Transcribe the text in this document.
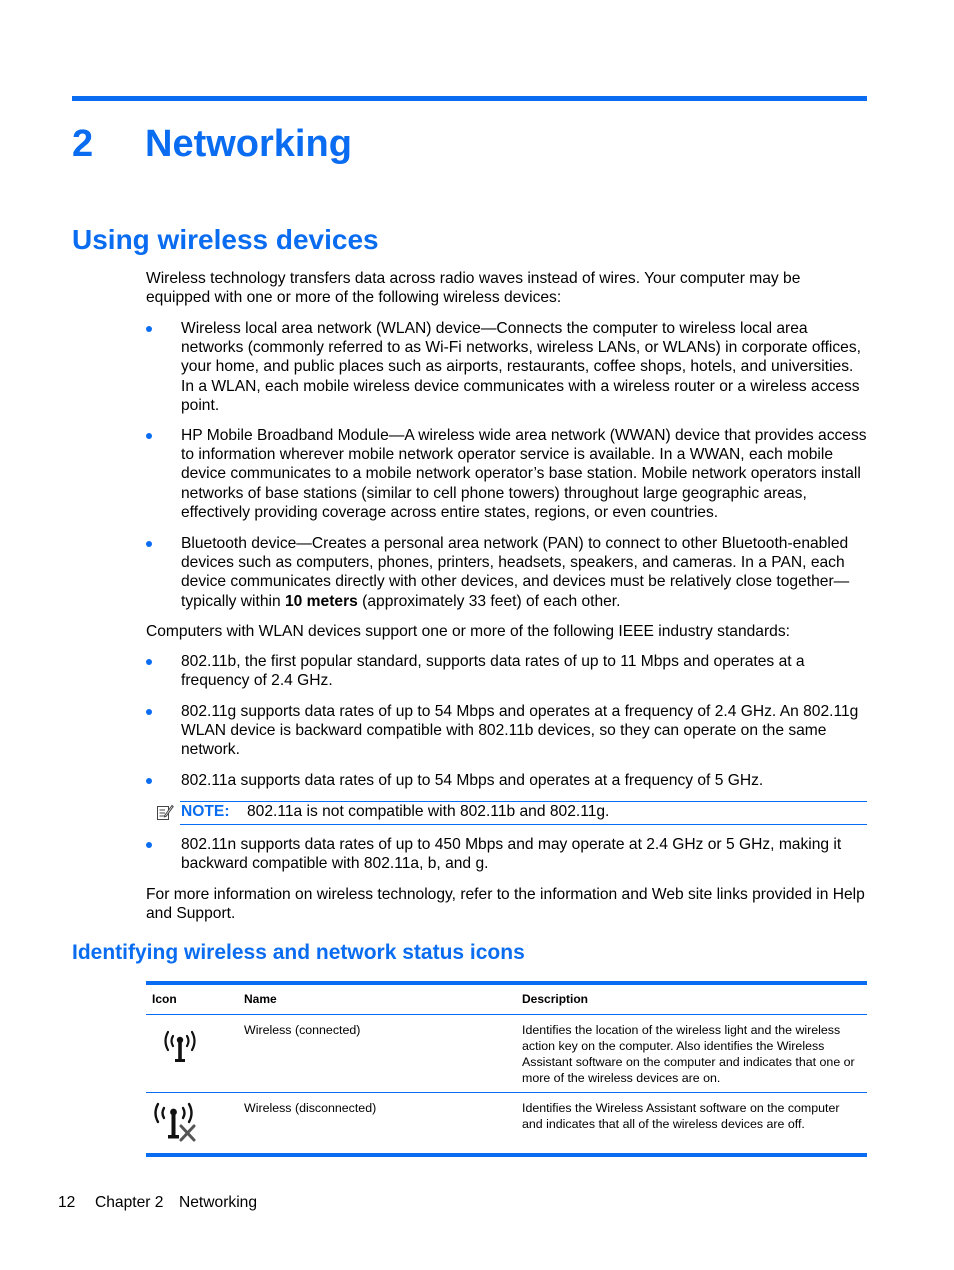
2 Networking
Using wireless devices

Wireless technology transfers data across radio waves instead of wires. Your computer may be equipped with one or more of the following wireless devices:

Wireless local area network (WLAN) device—Connects the computer to wireless local area networks (commonly referred to as Wi-Fi networks, wireless LANs, or WLANs) in corporate offices, your home, and public places such as airports, restaurants, coffee shops, hotels, and universities. In a WLAN, each mobile wireless device communicates with a wireless router or a wireless access point.
HP Mobile Broadband Module—A wireless wide area network (WWAN) device that provides access to information wherever mobile network operator service is available. In a WWAN, each mobile device communicates to a mobile network operator’s base station. Mobile network operators install networks of base stations (similar to cell phone towers) throughout large geographic areas, effectively providing coverage across entire states, regions, or even countries.
Bluetooth device—Creates a personal area network (PAN) to connect to other Bluetooth-enabled devices such as computers, phones, printers, headsets, speakers, and cameras. In a PAN, each device communicates directly with other devices, and devices must be relatively close together—typically within 10 meters (approximately 33 feet) of each other.

Computers with WLAN devices support one or more of the following IEEE industry standards:

802.11b, the first popular standard, supports data rates of up to 11 Mbps and operates at a frequency of 2.4 GHz.
802.11g supports data rates of up to 54 Mbps and operates at a frequency of 2.4 GHz. An 802.11g WLAN device is backward compatible with 802.11b devices, so they can operate on the same network.
802.11a supports data rates of up to 54 Mbps and operates at a frequency of 5 GHz.
NOTE: 802.11a is not compatible with 802.11b and 802.11g.
802.11n supports data rates of up to 450 Mbps and may operate at 2.4 GHz or 5 GHz, making it backward compatible with 802.11a, b, and g.

For more information on wireless technology, refer to the information and Web site links provided in Help and Support.

Identifying wireless and network status icons
Icon	Name	Description
Wireless (connected)	Identifies the location of the wireless light and the wireless action key on the computer. Also identifies the Wireless Assistant software on the computer and indicates that one or more of the wireless devices are on.
Wireless (disconnected)	Identifies the Wireless Assistant software on the computer and indicates that all of the wireless devices are off.
12 Chapter 2 Networking
